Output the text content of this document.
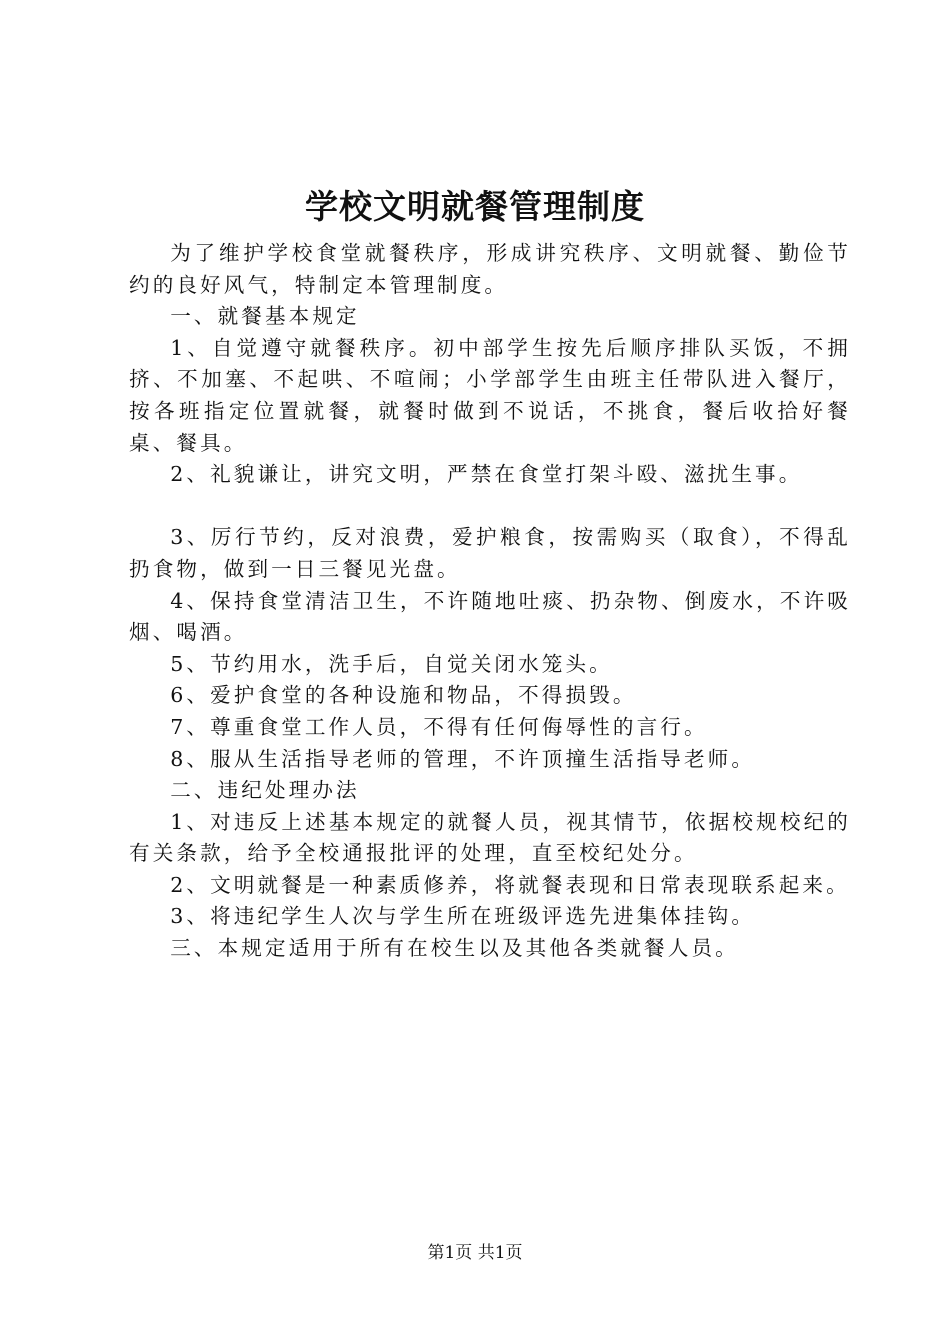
学校文明就餐管理制度

为了维护学校食堂就餐秩序，形成讲究秩序、文明就餐、勤俭节约的良好风气，特制定本管理制度。

一、就餐基本规定

1、自觉遵守就餐秩序。初中部学生按先后顺序排队买饭，不拥挤、不加塞、不起哄、不喧闹；小学部学生由班主任带队进入餐厅，按各班指定位置就餐，就餐时做到不说话，不挑食，餐后收拾好餐桌、餐具。

2、礼貌谦让，讲究文明，严禁在食堂打架斗殴、滋扰生事。

3、厉行节约，反对浪费，爱护粮食，按需购买（取食），不得乱扔食物，做到一日三餐见光盘。

4、保持食堂清洁卫生，不许随地吐痰、扔杂物、倒废水，不许吸烟、喝酒。

5、节约用水，洗手后，自觉关闭水笼头。

6、爱护食堂的各种设施和物品，不得损毁。

7、尊重食堂工作人员，不得有任何侮辱性的言行。

8、服从生活指导老师的管理，不许顶撞生活指导老师。

二、违纪处理办法

1、对违反上述基本规定的就餐人员，视其情节，依据校规校纪的有关条款，给予全校通报批评的处理，直至校纪处分。

2、文明就餐是一种素质修养，将就餐表现和日常表现联系起来。

3、将违纪学生人次与学生所在班级评选先进集体挂钩。

三、本规定适用于所有在校生以及其他各类就餐人员。

第1页 共1页
